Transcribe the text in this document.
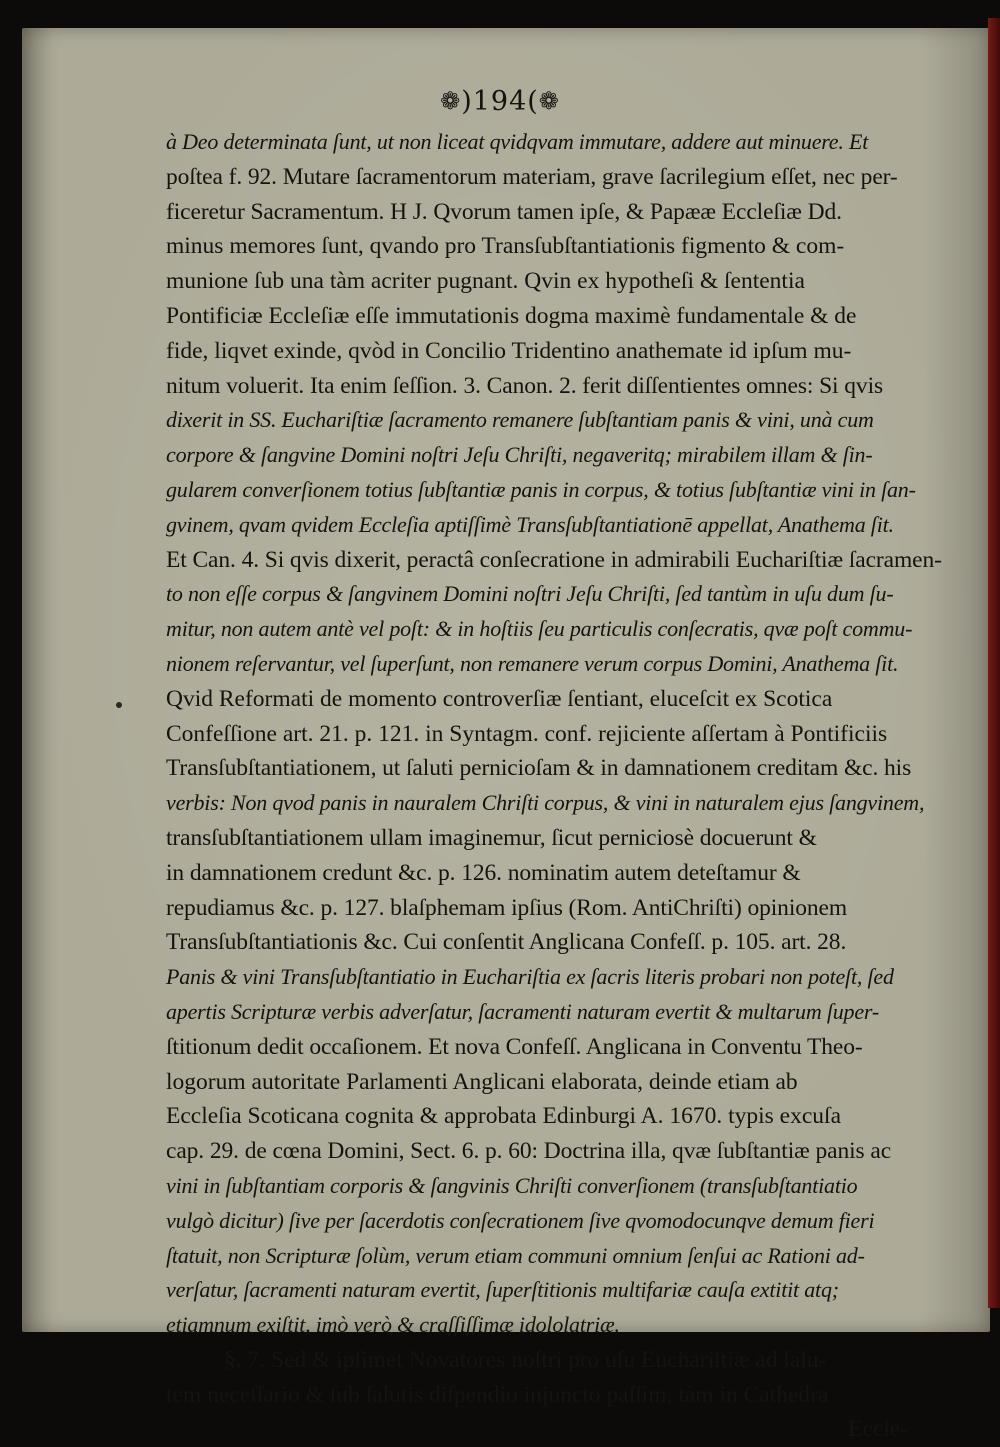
❁)194(❁
à Deo determinata ſunt, ut non liceat qvidqvam immutare, addere aut minuere. Et
poſtea f. 92. Mutare ſacramentorum materiam, grave ſacrilegium eſſet, nec per-
ficeretur Sacramentum. H J. Qvorum tamen ipſe, & Papææ Eccleſiæ Dd.
minus memores ſunt, qvando pro Transſubſtantiationis figmento & com-
munione ſub una tàm acriter pugnant. Qvin ex hypotheſi & ſententia
Pontificiæ Eccleſiæ eſſe immutationis dogma maximè fundamentale & de
fide, liqvet exinde, qvòd in Concilio Tridentino anathemate id ipſum mu-
nitum voluerit. Ita enim ſeſſion. 3. Canon. 2. ferit diſſentientes omnes: Si qvis
dixerit in SS. Euchariſtiæ ſacramento remanere ſubſtantiam panis & vini, unà cum
corpore & ſangvine Domini noſtri Jeſu Chriſti, negaveritq; mirabilem illam & ſin-
gularem converſionem totius ſubſtantiæ panis in corpus, & totius ſubſtantiæ vini in ſan-
gvinem, qvam qvidem Eccleſia aptiſſimè Transſubſtantiationē appellat, Anathema ſit.
Et Can. 4. Si qvis dixerit, peractâ conſecratione in admirabili Euchariſtiæ ſacramen-
to non eſſe corpus & ſangvinem Domini noſtri Jeſu Chriſti, ſed tantùm in uſu dum ſu-
mitur, non autem antè vel poſt: & in hoſtiis ſeu particulis conſecratis, qvæ poſt commu-
nionem reſervantur, vel ſuperſunt, non remanere verum corpus Domini, Anathema ſit.
Qvid Reformati de momento controverſiæ ſentiant, eluceſcit ex Scotica
Confeſſione art. 21. p. 121. in Syntagm. conf. rejiciente aſſertam à Pontificiis
Transſubſtantiationem, ut ſaluti pernicioſam & in damnationem creditam &c. his
verbis: Non qvod panis in nauralem Chriſti corpus, & vini in naturalem ejus ſangvinem,
transſubſtantiationem ullam imaginemur, ſicut perniciosè docuerunt &
in damnationem credunt &c. p. 126. nominatim autem deteſtamur &
repudiamus &c. p. 127. blaſphemam ipſius (Rom. AntiChriſti) opinionem
Transſubſtantiationis &c. Cui conſentit Anglicana Confeſſ. p. 105. art. 28.
Panis & vini Transſubſtantiatio in Euchariſtia ex ſacris literis probari non poteſt, ſed
apertis Scripturæ verbis adverſatur, ſacramenti naturam evertit & multarum ſuper-
ſtitionum dedit occaſionem. Et nova Confeſſ. Anglicana in Conventu Theo-
logorum autoritate Parlamenti Anglicani elaborata, deinde etiam ab
Eccleſia Scoticana cognita & approbata Edinburgi A. 1670. typis excuſa
cap. 29. de cœna Domini, Sect. 6. p. 60: Doctrina illa, qvæ ſubſtantiæ panis ac
vini in ſubſtantiam corporis & ſangvinis Chriſti converſionem (transſubſtantiatio
vulgò dicitur) ſive per ſacerdotis conſecrationem ſive qvomodocunqve demum fieri
ſtatuit, non Scripturæ ſolùm, verum etiam communi omnium ſenſui ac Rationi ad-
verſatur, ſacramenti naturam evertit, ſuperſtitionis multifariæ cauſa extitit atq;
etiamnum exiſtit, imò verò & craſſiſſimæ idololatriæ.
§. 7. Sed & ipſimet Novatores noſtri pro uſu Euchariſtiæ ad ſalu-
tem neceſſario & ſub ſalutis diſpendio injuncto paſſim, tàm in Cathedra
Eccle-
